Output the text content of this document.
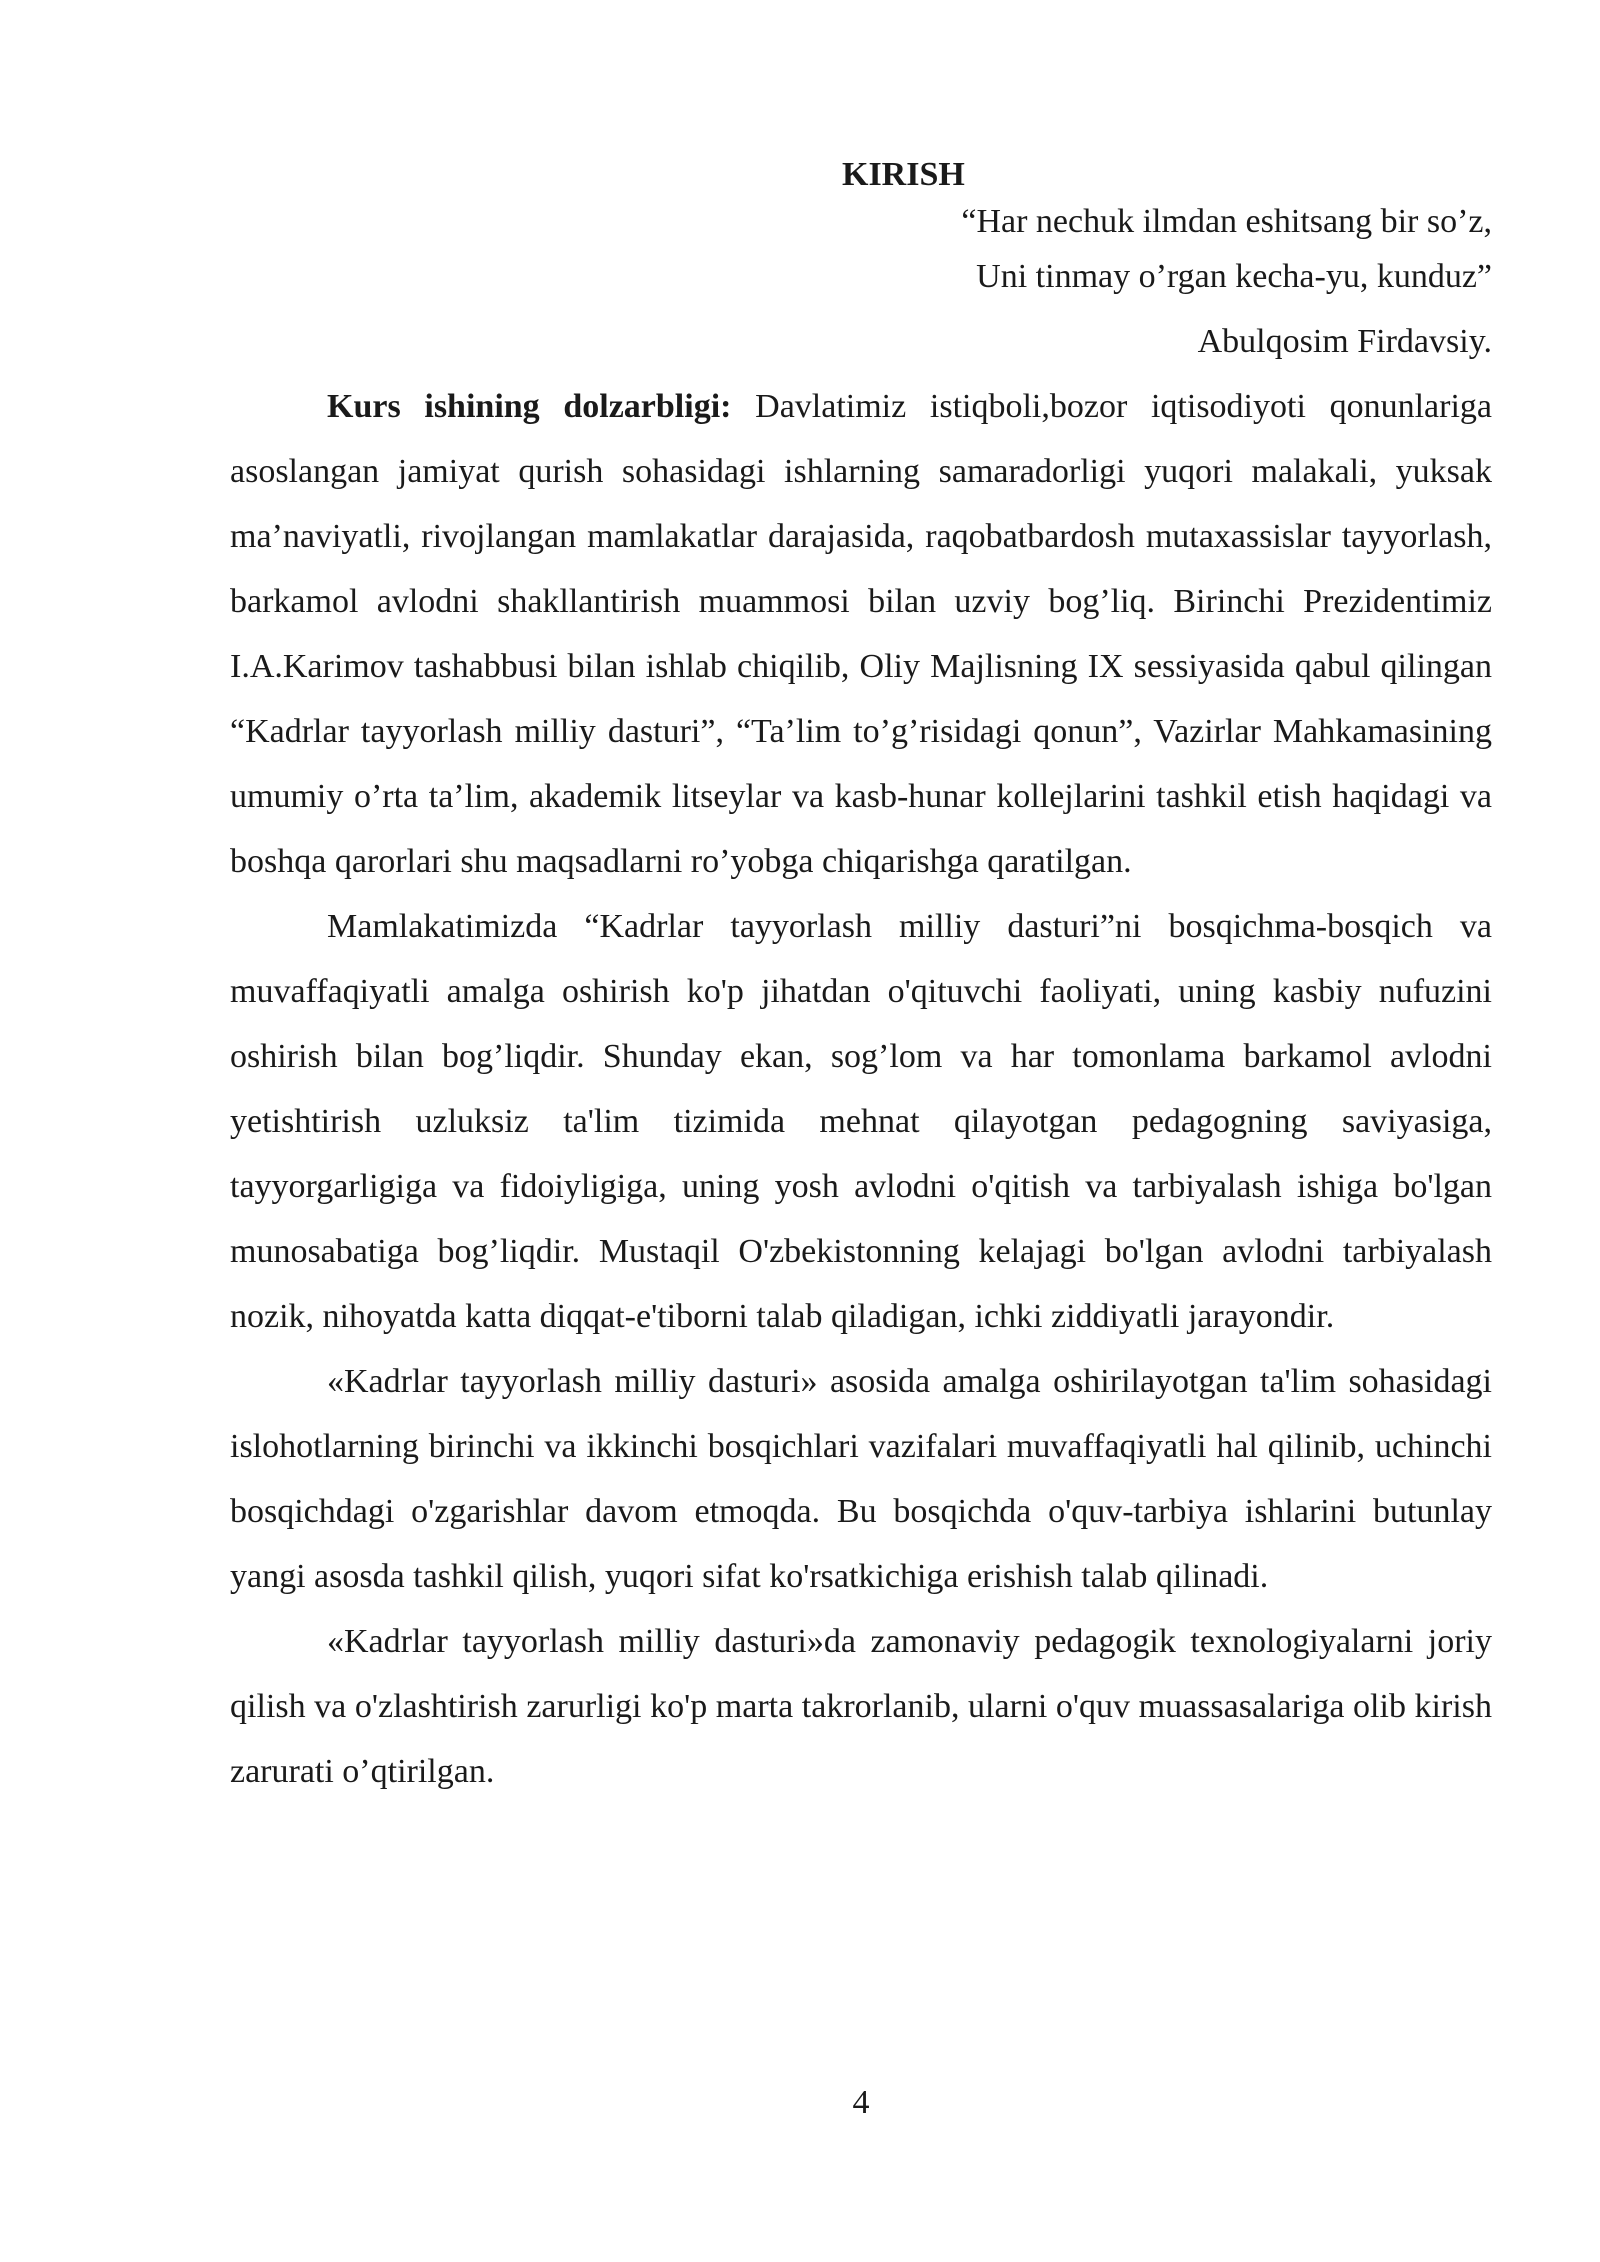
KIRISH
“Har nechuk ilmdan eshitsang bir so’z,
Uni tinmay o’rgan kecha-yu, kunduz”
Abulqosim Firdavsiy.

Kurs ishining dolzarbligi: Davlatimiz istiqboli,bozor iqtisodiyoti qonunlariga asoslangan jamiyat qurish sohasidagi ishlarning samaradorligi yuqori malakali, yuksak ma’naviyatli, rivojlangan mamlakatlar darajasida, raqobatbardosh mutaxassislar tayyorlash, barkamol avlodni shakllantirish muammosi bilan uzviy bog’liq. Birinchi Prezidentimiz I.A.Karimov tashabbusi bilan ishlab chiqilib, Oliy Majlisning IX sessiyasida qabul qilingan “Kadrlar tayyorlash milliy dasturi”, “Ta’lim to’g’risidagi qonun”, Vazirlar Mahkamasining umumiy o’rta ta’lim, akademik litseylar va kasb-hunar kollejlarini tashkil etish haqidagi va boshqa qarorlari shu maqsadlarni ro’yobga chiqarishga qaratilgan.

Mamlakatimizda “Kadrlar tayyorlash milliy dasturi”ni bosqichma-bosqich va muvaffaqiyatli amalga oshirish ko'p jihatdan o'qituvchi faoliyati, uning kasbiy nufuzini oshirish bilan bog’liqdir. Shunday ekan, sog’lom va har tomonlama barkamol avlodni yetishtirish uzluksiz ta'lim tizimida mehnat qilayotgan pedagogning saviyasiga, tayyorgarligiga va fidoiyligiga, uning yosh avlodni o'qitish va tarbiyalash ishiga bo'lgan munosabatiga bog’liqdir. Mustaqil O'zbekistonning kelajagi bo'lgan avlodni tarbiyalash nozik, nihoyatda katta diqqat-e'tiborni talab qiladigan, ichki ziddiyatli jarayondir.

«Kadrlar tayyorlash milliy dasturi» asosida amalga oshirilayotgan ta'lim sohasidagi islohotlarning birinchi va ikkinchi bosqichlari vazifalari muvaffaqiyatli hal qilinib, uchinchi bosqichdagi o'zgarishlar davom etmoqda. Bu bosqichda o'quv-tarbiya ishlarini butunlay yangi asosda tashkil qilish, yuqori sifat ko'rsatkichiga erishish talab qilinadi.

«Kadrlar tayyorlash milliy dasturi»da zamonaviy pedagogik texnologiyalarni joriy qilish va o'zlashtirish zarurligi ko'p marta takrorlanib, ularni o'quv muassasalariga olib kirish zarurati o’qtirilgan.

4
